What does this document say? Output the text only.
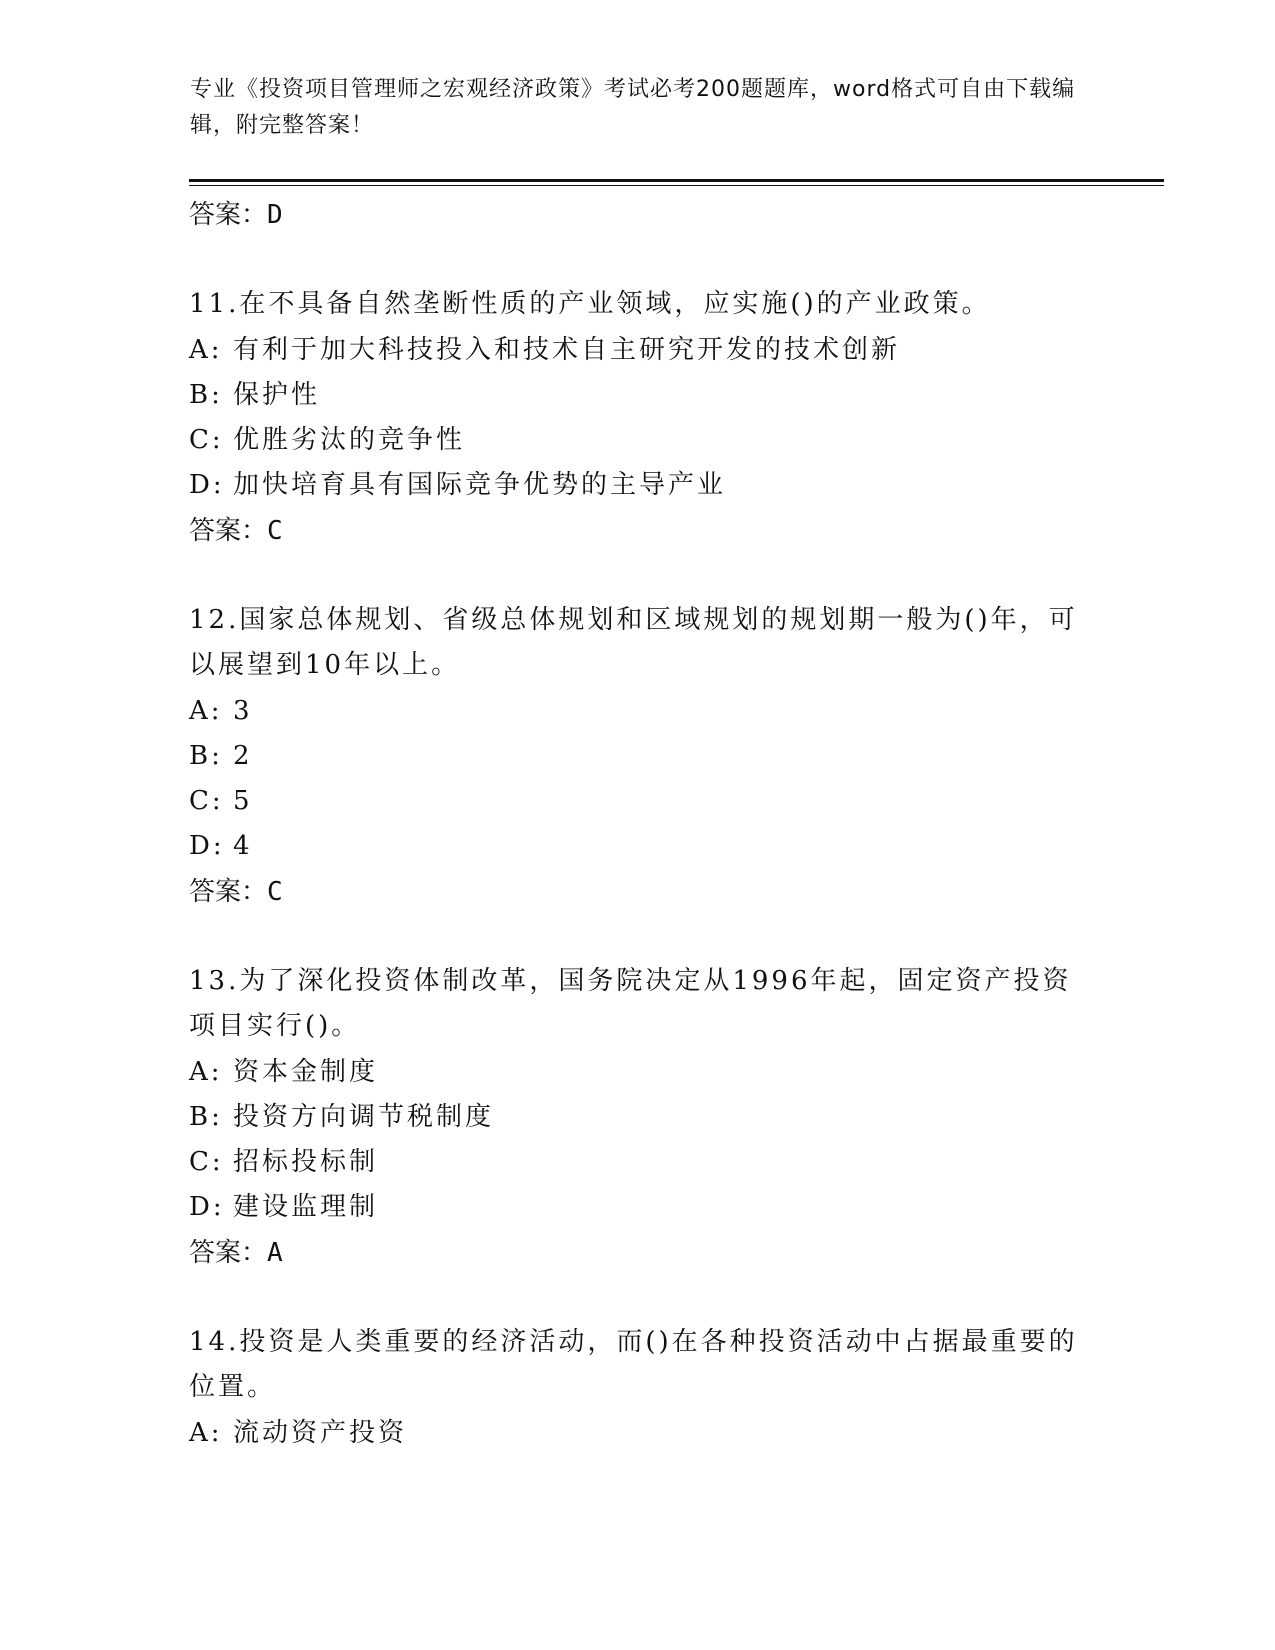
专业《投资项目管理师之宏观经济政策》考试必考200题题库，word格式可自由下载编辑，附完整答案！
答案：D
11.在不具备自然垄断性质的产业领域，应实施()的产业政策。
A: 有利于加大科技投入和技术自主研究开发的技术创新
B: 保护性
C: 优胜劣汰的竞争性
D: 加快培育具有国际竞争优势的主导产业
答案：C
12.国家总体规划、省级总体规划和区域规划的规划期一般为()年，可以展望到10年以上。
A: 3
B: 2
C: 5
D: 4
答案：C
13.为了深化投资体制改革，国务院决定从1996年起，固定资产投资项目实行()。
A: 资本金制度
B: 投资方向调节税制度
C: 招标投标制
D: 建设监理制
答案：A
14.投资是人类重要的经济活动，而()在各种投资活动中占据最重要的位置。
A: 流动资产投资
